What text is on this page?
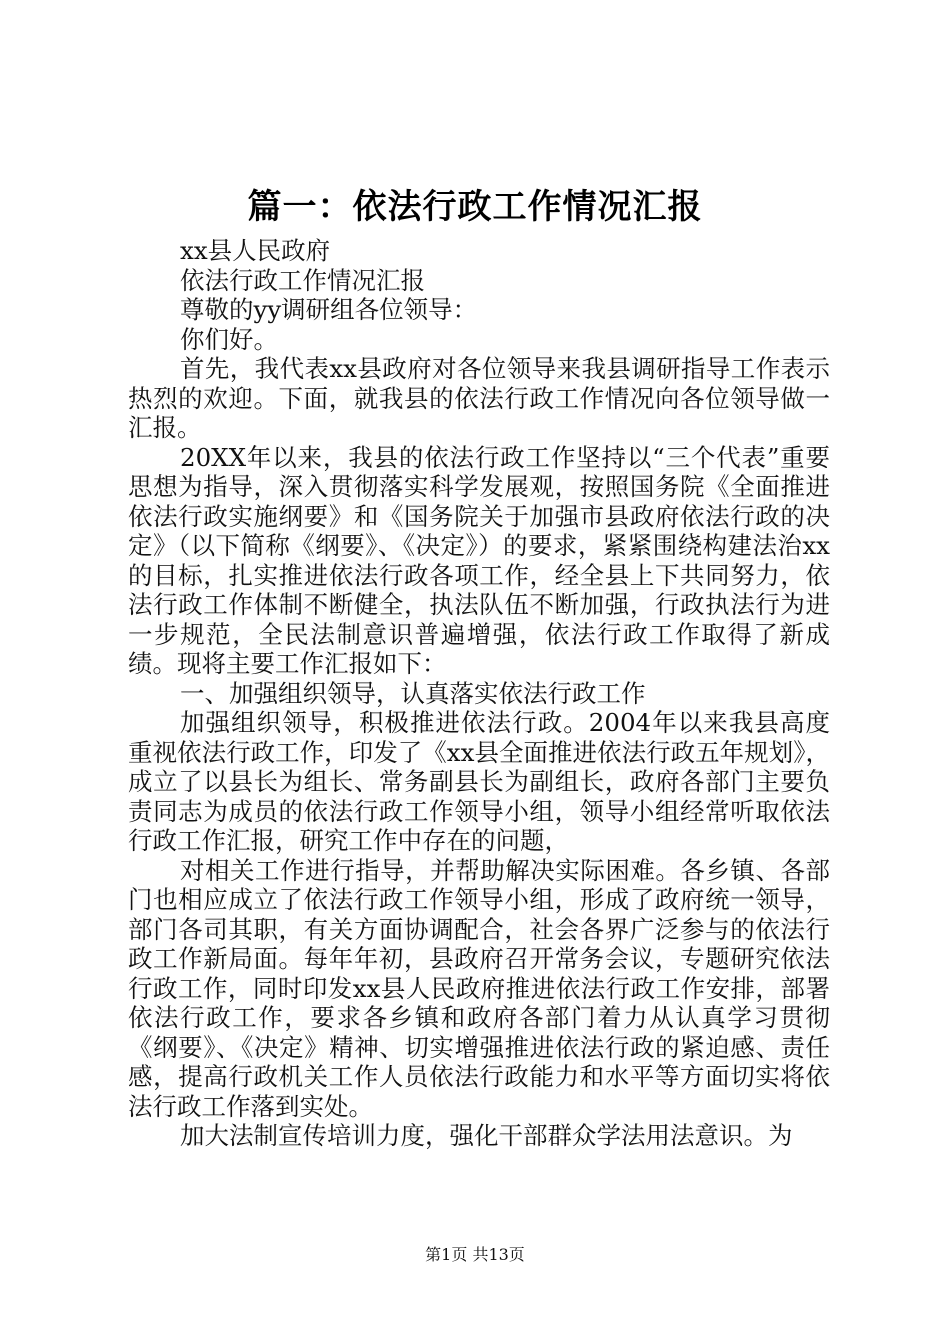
篇一：依法行政工作情况汇报

xx县人民政府

依法行政工作情况汇报

尊敬的yy调研组各位领导：

你们好。

首先，我代表xx县政府对各位领导来我县调研指导工作表示热烈的欢迎。下面，就我县的依法行政工作情况向各位领导做一汇报。

20XX年以来，我县的依法行政工作坚持以“三个代表”重要思想为指导，深入贯彻落实科学发展观，按照国务院《全面推进依法行政实施纲要》和《国务院关于加强市县政府依法行政的决定》（以下简称《纲要》、《决定》）的要求，紧紧围绕构建法治xx的目标，扎实推进依法行政各项工作，经全县上下共同努力，依法行政工作体制不断健全，执法队伍不断加强，行政执法行为进一步规范，全民法制意识普遍增强，依法行政工作取得了新成绩。现将主要工作汇报如下：

一、加强组织领导，认真落实依法行政工作

加强组织领导，积极推进依法行政。2004年以来我县高度重视依法行政工作，印发了《xx县全面推进依法行政五年规划》，成立了以县长为组长、常务副县长为副组长，政府各部门主要负责同志为成员的依法行政工作领导小组，领导小组经常听取依法行政工作汇报，研究工作中存在的问题，

对相关工作进行指导，并帮助解决实际困难。各乡镇、各部门也相应成立了依法行政工作领导小组，形成了政府统一领导，部门各司其职，有关方面协调配合，社会各界广泛参与的依法行政工作新局面。每年年初，县政府召开常务会议，专题研究依法行政工作，同时印发xx县人民政府推进依法行政工作安排，部署依法行政工作，要求各乡镇和政府各部门着力从认真学习贯彻《纲要》、《决定》精神、切实增强推进依法行政的紧迫感、责任感，提高行政机关工作人员依法行政能力和水平等方面切实将依法行政工作落到实处。

加大法制宣传培训力度，强化干部群众学法用法意识。为

第1页 共13页
